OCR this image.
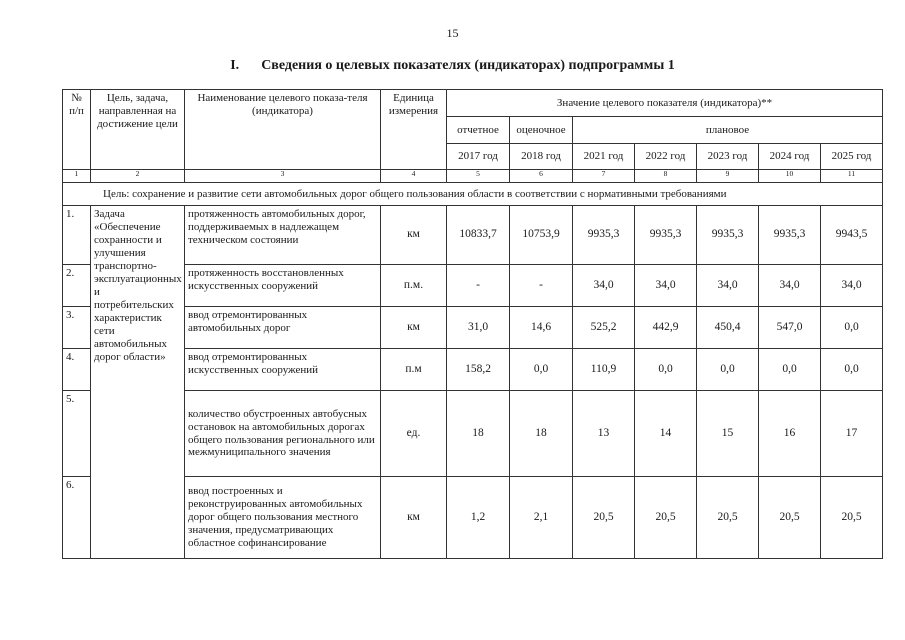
15
I. Сведения о целевых показателях (индикаторах) подпрограммы 1
№ п/п	Цель, задача, направленная на достижение цели	Наименование целевого показа-теля (индикатора)	Единица измерения	Значение целевого показателя (индикатора)**						
				отчетное	оценочное	плановое				
				2017 год	2018 год	2021 год	2022 год	2023 год	2024 год	2025 год
1	2	3	4	5	6	7	8	9	10	11
Цель: сохранение и развитие сети автомобильных дорог общего пользования области в соответствии с нормативными требованиями										
1.	Задача «Обеспечение сохранности и улучшения транспортно-эксплуатационных и потребительских характеристик сети автомобильных дорог области»	протяженность автомобильных дорог, поддерживаемых в надлежащем техническом состоянии	км	10833,7	10753,9	9935,3	9935,3	9935,3	9935,3	9943,5
2.		протяженность восстановленных искусственных сооружений	п.м.	-	-	34,0	34,0	34,0	34,0	34,0
3.		ввод отремонтированных автомобильных дорог	км	31,0	14,6	525,2	442,9	450,4	547,0	0,0
4.		ввод отремонтированных искусственных сооружений	п.м	158,2	0,0	110,9	0,0	0,0	0,0	0,0
5.		количество обустроенных автобусных остановок на автомобильных дорогах общего пользования регионального или межмуниципального значения	ед.	18	18	13	14	15	16	17
6.		ввод построенных и реконструированных автомобильных дорог общего пользования местного значения, предусматривающих областное софинансирование	км	1,2	2,1	20,5	20,5	20,5	20,5	20,5
